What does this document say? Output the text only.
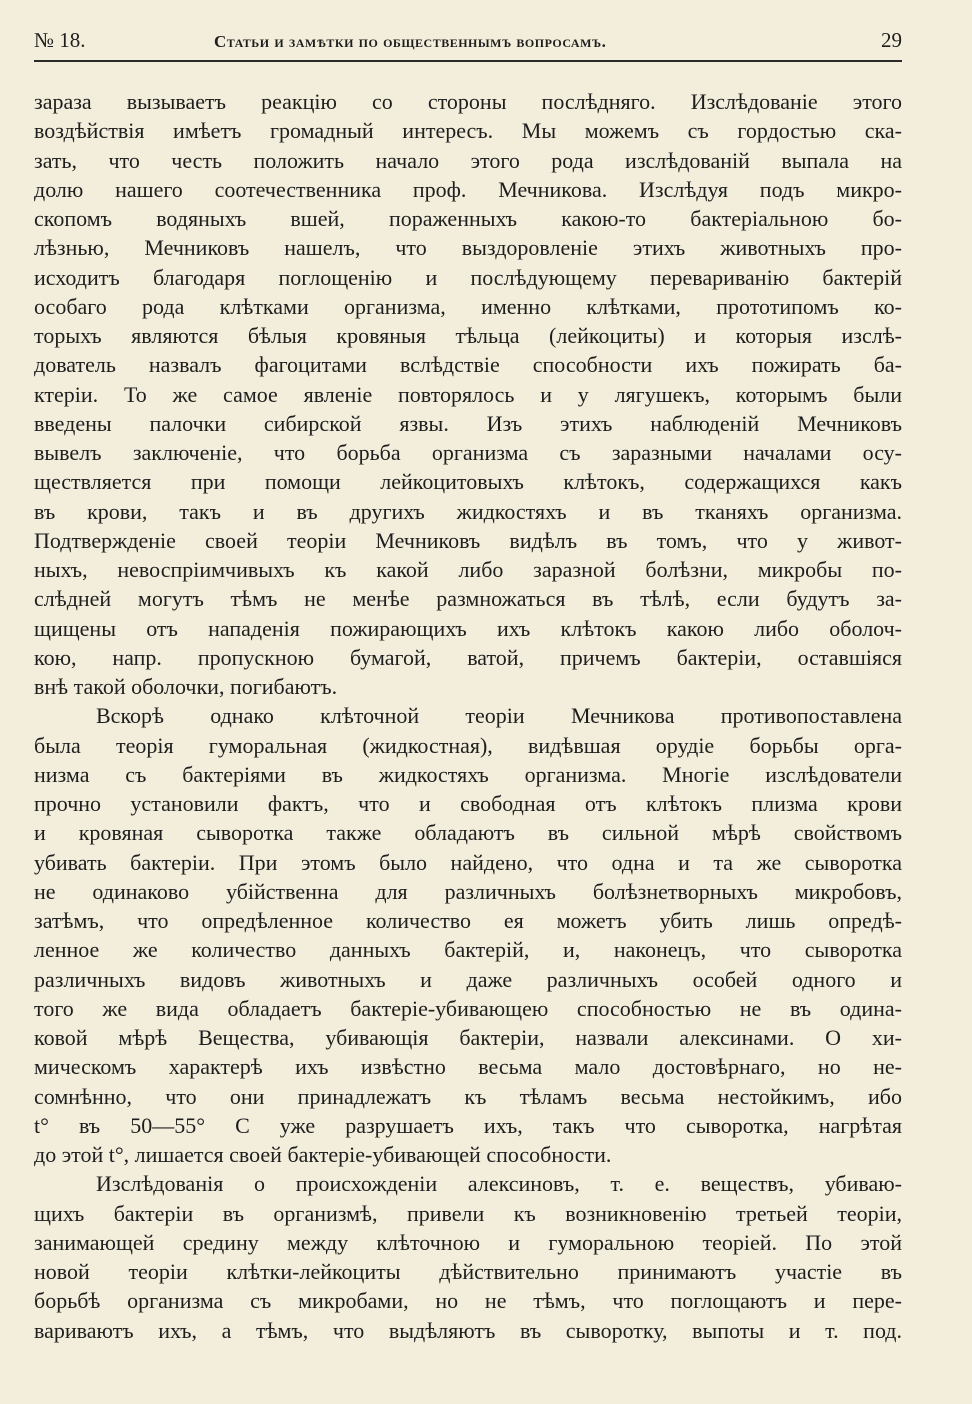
№ 18.	Статьи и замѣтки по общественнымъ вопросамъ.	29
зараза вызываетъ реакцію со стороны послѣдняго. Изслѣдованіе этого
воздѣйствія имѣетъ громадный интересъ. Мы можемъ съ гордостью ска-
зать, что честь положить начало этого рода изслѣдованій выпала на
долю нашего соотечественника проф. Мечникова. Изслѣдуя подъ микро-
скопомъ водяныхъ вшей, пораженныхъ какою-то бактеріальною бо-
лѣзнью, Мечниковъ нашелъ, что выздоровленіе этихъ животныхъ про-
исходитъ благодаря поглощенію и послѣдующему перевариванію бактерій
особаго рода клѣтками организма, именно клѣтками, прототипомъ ко-
торыхъ являются бѣлыя кровяныя тѣльца (лейкоциты) и которыя изслѣ-
дователь назвалъ фагоцитами вслѣдствіе способности ихъ пожирать ба-
ктеріи. То же самое явленіе повторялось и у лягушекъ, которымъ были
введены палочки сибирской язвы. Изъ этихъ наблюденій Мечниковъ
вывелъ заключеніе, что борьба организма съ заразными началами осу-
ществляется при помощи лейкоцитовыхъ клѣтокъ, содержащихся какъ
въ крови, такъ и въ другихъ жидкостяхъ и въ тканяхъ организма.
Подтвержденіе своей теоріи Мечниковъ видѣлъ въ томъ, что у живот-
ныхъ, невоспріимчивыхъ къ какой либо заразной болѣзни, микробы по-
слѣдней могутъ тѣмъ не менѣе размножаться въ тѣлѣ, если будутъ за-
щищены отъ нападенія пожирающихъ ихъ клѣтокъ какою либо оболоч-
кою, напр. пропускною бумагой, ватой, причемъ бактеріи, оставшіяся
внѣ такой оболочки, погибаютъ.
Вскорѣ однако клѣточной теоріи Мечникова противопоставлена
была теорія гуморальная (жидкостная), видѣвшая орудіе борьбы орга-
низма съ бактеріями въ жидкостяхъ организма. Многіе изслѣдователи
прочно установили фактъ, что и свободная отъ клѣтокъ плизма крови
и кровяная сыворотка также обладаютъ въ сильной мѣрѣ свойствомъ
убивать бактеріи. При этомъ было найдено, что одна и та же сыворотка
не одинаково убійственна для различныхъ болѣзнетворныхъ микробовъ,
затѣмъ, что опредѣленное количество ея можетъ убить лишь опредѣ-
ленное же количество данныхъ бактерій, и, наконецъ, что сыворотка
различныхъ видовъ животныхъ и даже различныхъ особей одного и
того же вида обладаетъ бактеріе-убивающею способностью не въ одина-
ковой мѣрѣ Вещества, убивающія бактеріи, назвали алексинами. О хи-
мическомъ характерѣ ихъ извѣстно весьма мало достовѣрнаго, но не-
сомнѣнно, что они принадлежатъ къ тѣламъ весьма нестойкимъ, ибо
t° въ 50—55° C уже разрушаетъ ихъ, такъ что сыворотка, нагрѣтая
до этой t°, лишается своей бактеріе-убивающей способности.
Изслѣдованія о происхожденіи алексиновъ, т. е. веществъ, убиваю-
щихъ бактеріи въ организмѣ, привели къ возникновенію третьей теоріи,
занимающей средину между клѣточною и гуморальною теоріей. По этой
новой теоріи клѣтки-лейкоциты дѣйствительно принимаютъ участіе въ
борьбѣ организма съ микробами, но не тѣмъ, что поглощаютъ и пере-
вариваютъ ихъ, а тѣмъ, что выдѣляютъ въ сыворотку, выпоты и т. под.
